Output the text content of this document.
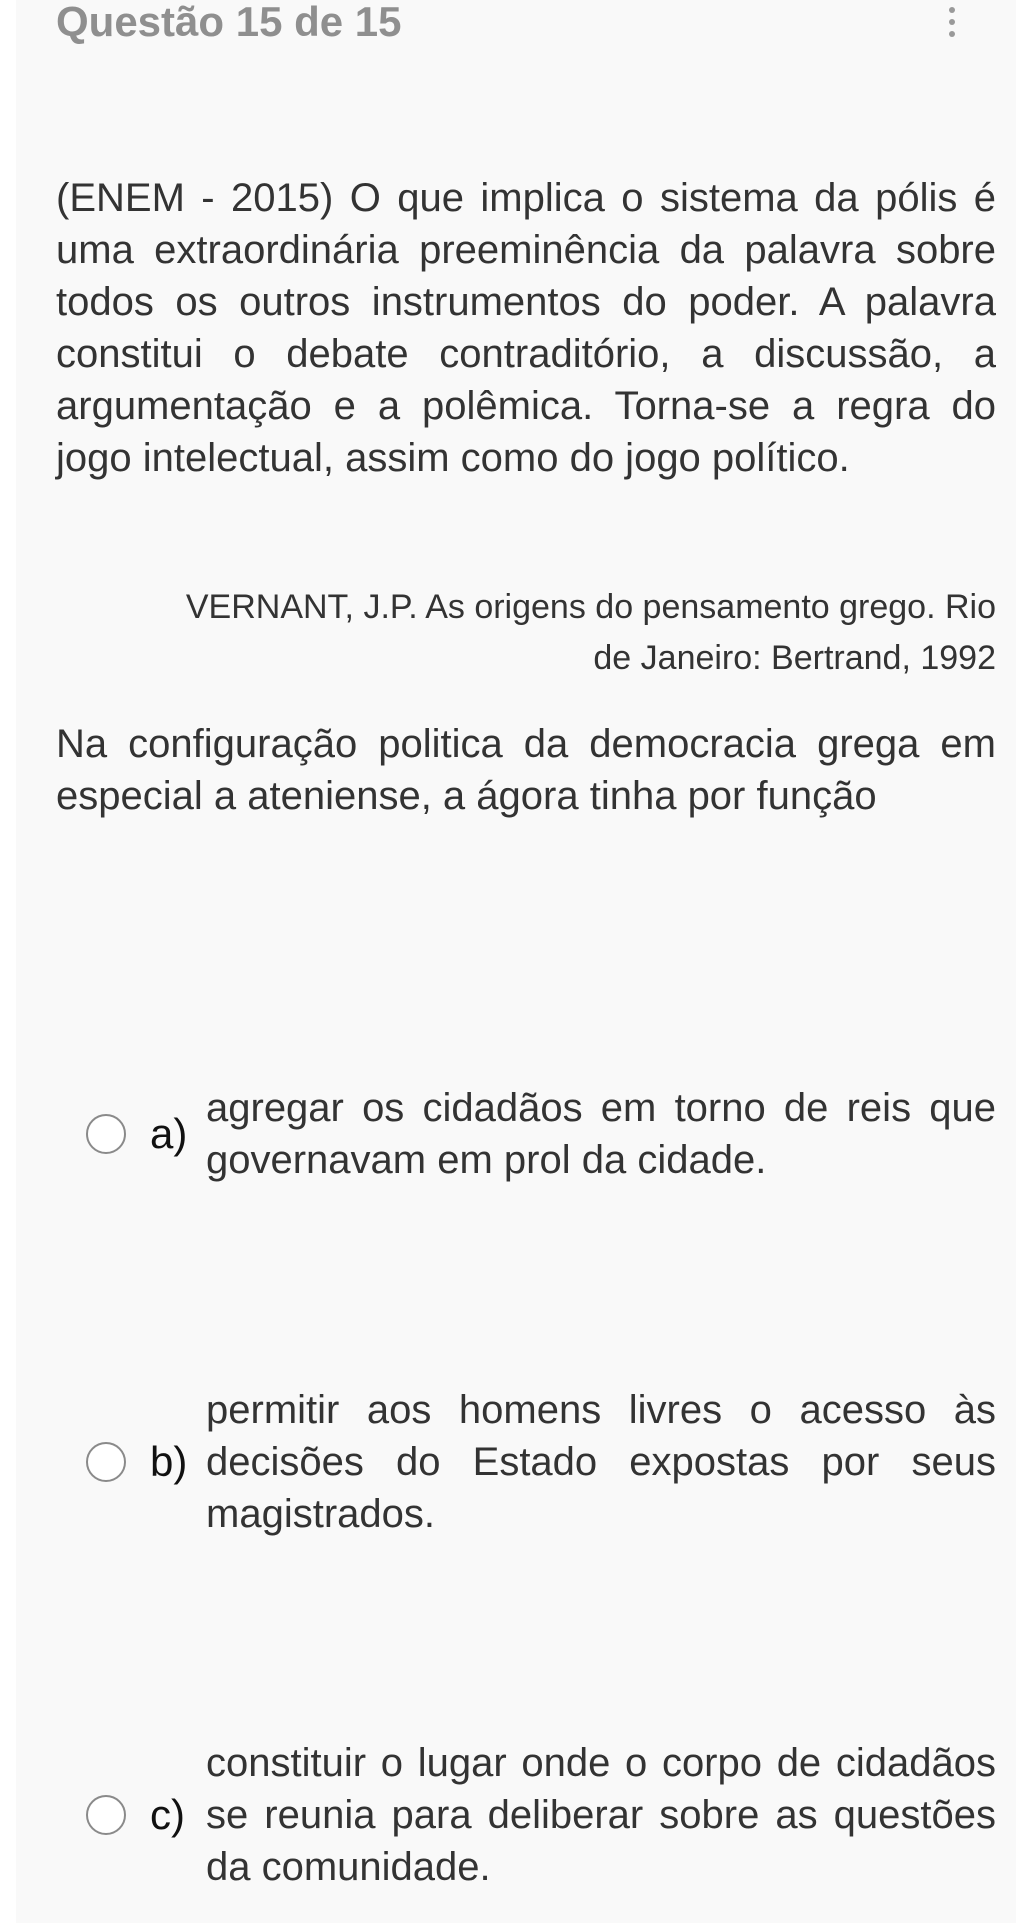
Questão 15 de 15
(ENEM - 2015) O que implica o sistema da pólis é uma extraordinária preeminência da palavra sobre todos os outros instrumentos do poder. A palavra constitui o debate contraditório, a discussão, a argumentação e a polêmica. Torna-se a regra do jogo intelectual, assim como do jogo político.
VERNANT, J.P. As origens do pensamento grego. Rio
de Janeiro: Bertrand, 1992
Na configuração politica da democracia grega em especial a ateniense, a ágora tinha por função
a)
agregar os cidadãos em torno de reis que governavam em prol da cidade.
b)
permitir aos homens livres o acesso às decisões do Estado expostas por seus magistrados.
c)
constituir o lugar onde o corpo de cidadãos se reunia para deliberar sobre as questões da comunidade.
